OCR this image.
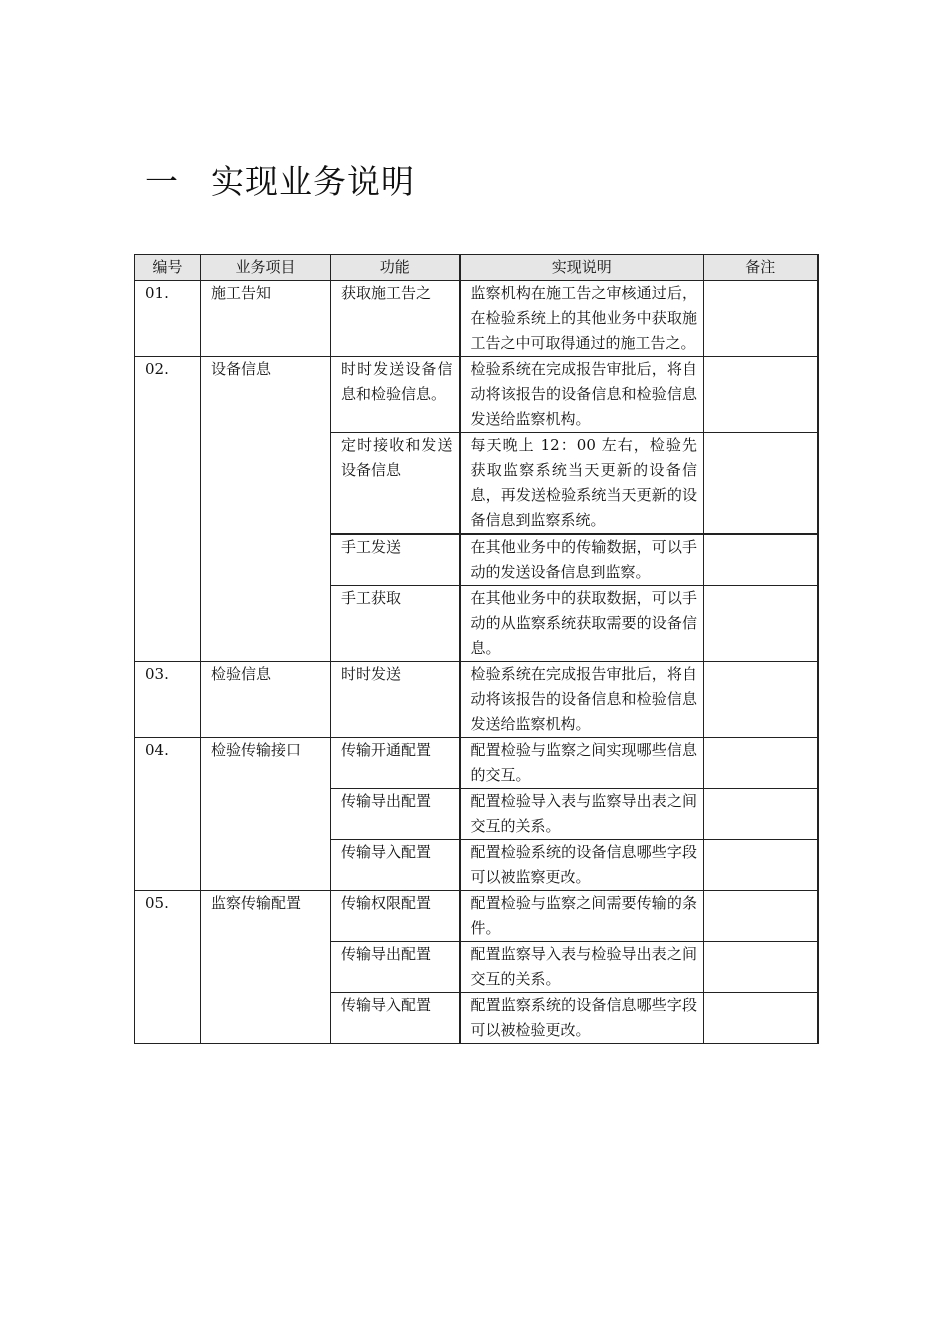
一 实现业务说明
编号	业务项目	功能	实现说明	备注
01.	施工告知	获取施工告之	监察机构在施工告之审核通过后，在检验系统上的其他业务中获取施工告之中可取得通过的施工告之。	
02.	设备信息	时时发送设备信息和检验信息。	检验系统在完成报告审批后，将自动将该报告的设备信息和检验信息发送给监察机构。	
		定时接收和发送设备信息	每天晚上 12：00 左右，检验先获取监察系统当天更新的设备信息，再发送检验系统当天更新的设备信息到监察系统。	
		手工发送	在其他业务中的传输数据，可以手动的发送设备信息到监察。	
		手工获取	在其他业务中的获取数据，可以手动的从监察系统获取需要的设备信息。	
03.	检验信息	时时发送	检验系统在完成报告审批后，将自动将该报告的设备信息和检验信息发送给监察机构。	
04.	检验传输接口	传输开通配置	配置检验与监察之间实现哪些信息的交互。	
		传输导出配置	配置检验导入表与监察导出表之间交互的关系。	
		传输导入配置	配置检验系统的设备信息哪些字段可以被监察更改。	
05.	监察传输配置	传输权限配置	配置检验与监察之间需要传输的条件。	
		传输导出配置	配置监察导入表与检验导出表之间交互的关系。	
		传输导入配置	配置监察系统的设备信息哪些字段可以被检验更改。	
